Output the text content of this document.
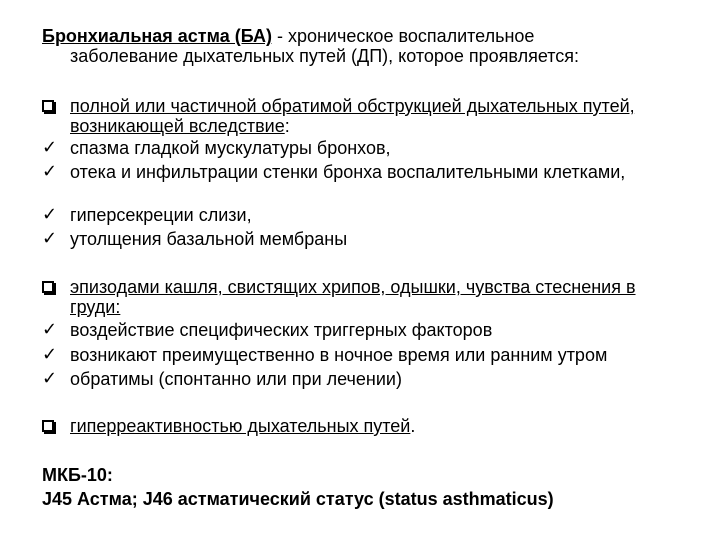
Бронхиальная астма (БА) - хроническое воспалительное
заболевание дыхательных путей (ДП), которое проявляется:
полной или частичной обратимой обструкцией дыхательных путей, возникающей вследствие:
✓ спазма гладкой мускулатуры бронхов,
✓ отека и инфильтрации стенки бронха воспалительными клетками,
✓ гиперсекреции слизи,
✓ утолщения базальной мембраны
эпизодами кашля, свистящих хрипов, одышки, чувства стеснения в груди:
✓ воздействие специфических триггерных факторов
✓ возникают преимущественно в ночное время или ранним утром
✓ обратимы (спонтанно или при лечении)
гиперреактивностью дыхательных путей.
МКБ-10:
J45 Астма; J46 астматический статус (status asthmaticus)
